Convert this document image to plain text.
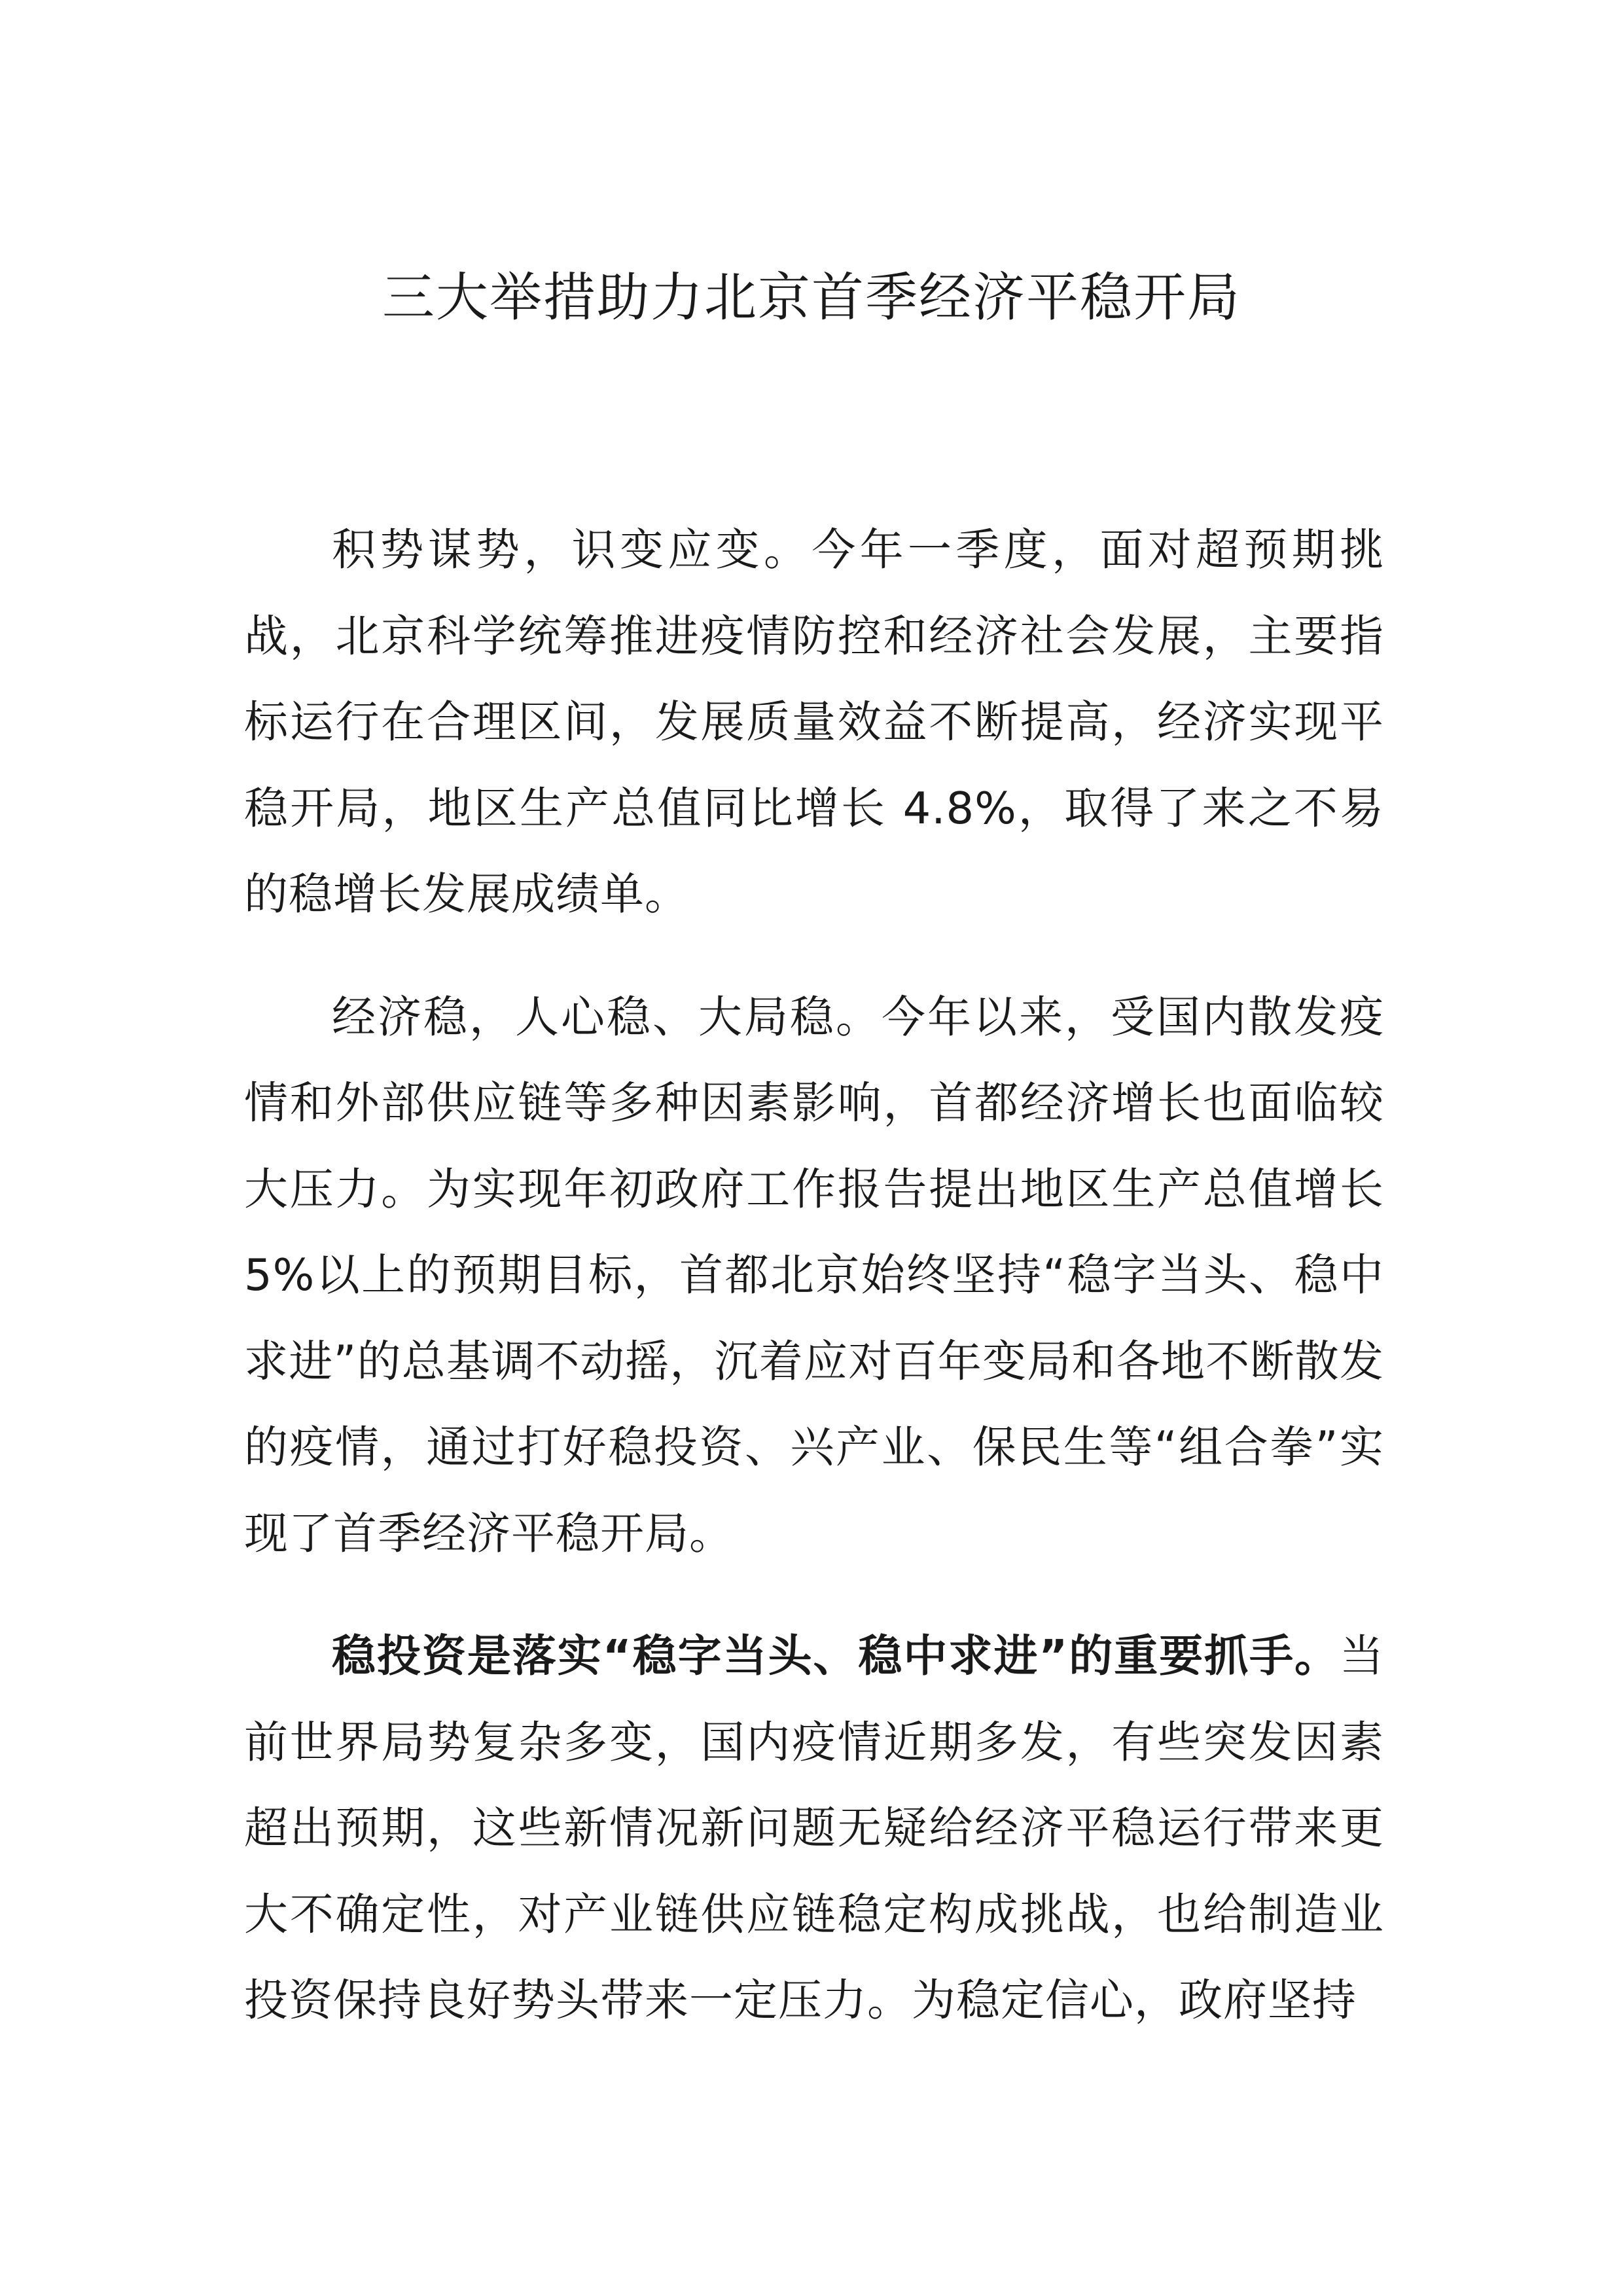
三大举措助力北京首季经济平稳开局

积势谋势，识变应变。今年一季度，面对超预期挑战，北京科学统筹推进疫情防控和经济社会发展，主要指标运行在合理区间，发展质量效益不断提高，经济实现平稳开局，地区生产总值同比增长 4.8%，取得了来之不易的稳增长发展成绩单。

经济稳，人心稳、大局稳。今年以来，受国内散发疫情和外部供应链等多种因素影响，首都经济增长也面临较大压力。为实现年初政府工作报告提出地区生产总值增长5%以上的预期目标，首都北京始终坚持“稳字当头、稳中求进”的总基调不动摇，沉着应对百年变局和各地不断散发的疫情，通过打好稳投资、兴产业、保民生等“组合拳”实现了首季经济平稳开局。

稳投资是落实“稳字当头、稳中求进”的重要抓手。当前世界局势复杂多变，国内疫情近期多发，有些突发因素超出预期，这些新情况新问题无疑给经济平稳运行带来更大不确定性，对产业链供应链稳定构成挑战，也给制造业投资保持良好势头带来一定压力。为稳定信心，政府坚持
